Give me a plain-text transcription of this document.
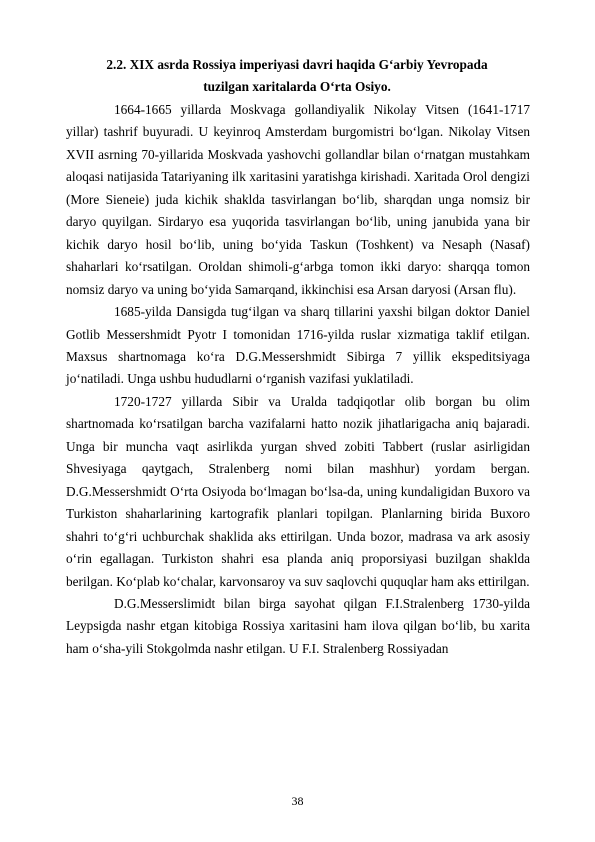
2.2. XIX asrda Rossiya imperiyasi davri haqida G‘arbiy Yevropada
tuzilgan xaritalarda O‘rta Osiyo.

1664-1665 yillarda Moskvaga gollandiyalik Nikolay Vitsen (1641-1717 yillar) tashrif buyuradi. U keyinroq Amsterdam burgomistri bo‘lgan. Nikolay Vitsen XVII asrning 70-yillarida Moskvada yashovchi gollandlar bilan o‘rnatgan mustahkam aloqasi natijasida Tatariyaning ilk xaritasini yaratishga kirishadi. Xaritada Orol dengizi (More Sieneie) juda kichik shaklda tasvirlangan bo‘lib, sharqdan unga nomsiz bir daryo quyilgan. Sirdaryo esa yuqorida tasvirlangan bo‘lib, uning janubida yana bir kichik daryo hosil bo‘lib, uning bo‘yida Taskun (Toshkent) va Nesaph (Nasaf) shaharlari ko‘rsatilgan. Oroldan shimoli-g‘arbga tomon ikki daryo: sharqqa tomon nomsiz daryo va uning bo‘yida Samarqand, ikkinchisi esa Arsan daryosi (Arsan flu).

1685-yilda Dansigda tug‘ilgan va sharq tillarini yaxshi bilgan doktor Daniel Gotlib Messershmidt Pyotr I tomonidan 1716-yilda ruslar xizmatiga taklif etilgan. Maxsus shartnomaga ko‘ra D.G.Messershmidt Sibirga 7 yillik ekspeditsiyaga jo‘natiladi. Unga ushbu hududlarni o‘rganish vazifasi yuklatiladi.

1720-1727 yillarda Sibir va Uralda tadqiqotlar olib borgan bu olim shartnomada ko‘rsatilgan barcha vazifalarni hatto nozik jihatlarigacha aniq bajaradi. Unga bir muncha vaqt asirlikda yurgan shved zobiti Tabbert (ruslar asirligidan Shvesiyaga qaytgach, Stralenberg nomi bilan mashhur) yordam bergan. D.G.Messershmidt O‘rta Osiyoda bo‘lmagan bo‘lsa-da, uning kundaligidan Buxoro va Turkiston shaharlarining kartografik planlari topilgan. Planlarning birida Buxoro shahri to‘g‘ri uchburchak shaklida aks ettirilgan. Unda bozor, madrasa va ark asosiy o‘rin egallagan. Turkiston shahri esa planda aniq proporsiyasi buzilgan shaklda berilgan. Ko‘plab ko‘chalar, karvonsaroy va suv saqlovchi ququqlar ham aks ettirilgan.

D.G.Messerslimidt bilan birga sayohat qilgan F.I.Stralenberg 1730-yilda Leypsigda nashr etgan kitobiga Rossiya xaritasini ham ilova qilgan bo‘lib, bu xarita ham o‘sha-yili Stokgolmda nashr etilgan. U F.I. Stralenberg Rossiyadan

38
